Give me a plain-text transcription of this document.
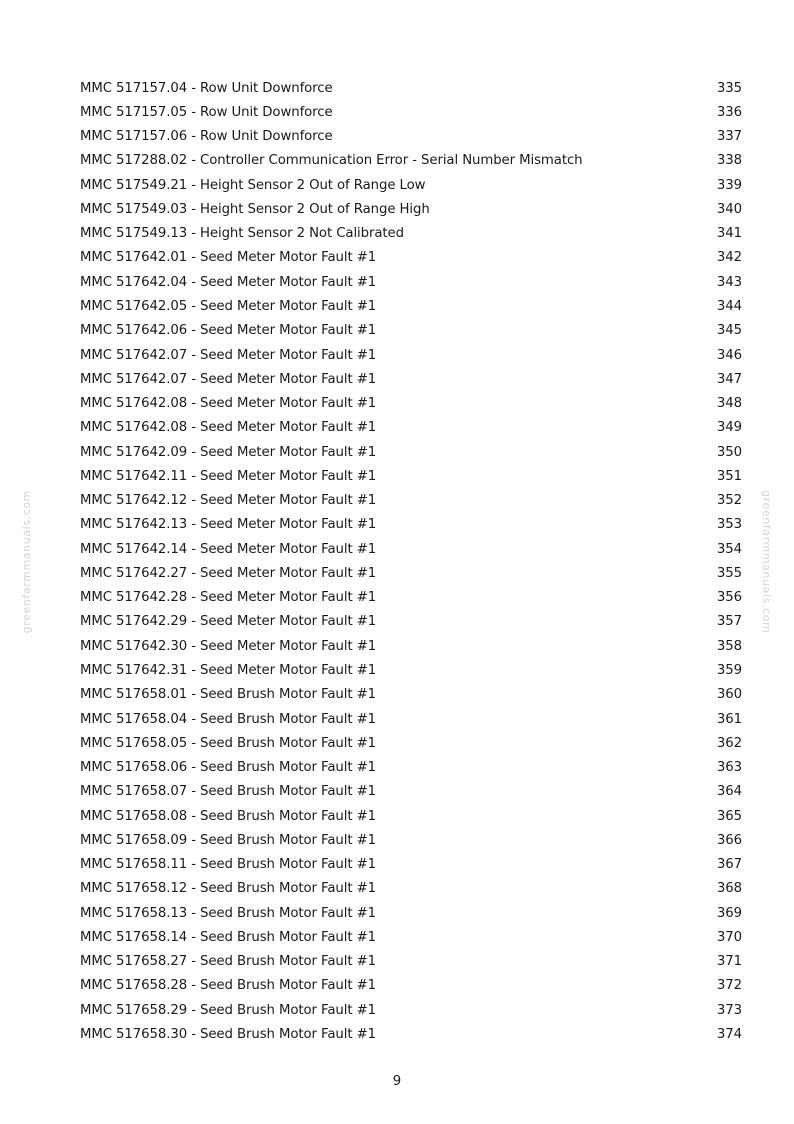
greenfarmmanuals.com	greenfarmmanuals.com
MMC 517157.04 - Row Unit Downforce	335
MMC 517157.05 - Row Unit Downforce	336
MMC 517157.06 - Row Unit Downforce	337
MMC 517288.02 - Controller Communication Error - Serial Number Mismatch	338
MMC 517549.21 - Height Sensor 2 Out of Range Low	339
MMC 517549.03 - Height Sensor 2 Out of Range High	340
MMC 517549.13 - Height Sensor 2 Not Calibrated	341
MMC 517642.01 - Seed Meter Motor Fault #1	342
MMC 517642.04 - Seed Meter Motor Fault #1	343
MMC 517642.05 - Seed Meter Motor Fault #1	344
MMC 517642.06 - Seed Meter Motor Fault #1	345
MMC 517642.07 - Seed Meter Motor Fault #1	346
MMC 517642.07 - Seed Meter Motor Fault #1	347
MMC 517642.08 - Seed Meter Motor Fault #1	348
MMC 517642.08 - Seed Meter Motor Fault #1	349
MMC 517642.09 - Seed Meter Motor Fault #1	350
MMC 517642.11 - Seed Meter Motor Fault #1	351
MMC 517642.12 - Seed Meter Motor Fault #1	352
MMC 517642.13 - Seed Meter Motor Fault #1	353
MMC 517642.14 - Seed Meter Motor Fault #1	354
MMC 517642.27 - Seed Meter Motor Fault #1	355
MMC 517642.28 - Seed Meter Motor Fault #1	356
MMC 517642.29 - Seed Meter Motor Fault #1	357
MMC 517642.30 - Seed Meter Motor Fault #1	358
MMC 517642.31 - Seed Meter Motor Fault #1	359
MMC 517658.01 - Seed Brush Motor Fault #1	360
MMC 517658.04 - Seed Brush Motor Fault #1	361
MMC 517658.05 - Seed Brush Motor Fault #1	362
MMC 517658.06 - Seed Brush Motor Fault #1	363
MMC 517658.07 - Seed Brush Motor Fault #1	364
MMC 517658.08 - Seed Brush Motor Fault #1	365
MMC 517658.09 - Seed Brush Motor Fault #1	366
MMC 517658.11 - Seed Brush Motor Fault #1	367
MMC 517658.12 - Seed Brush Motor Fault #1	368
MMC 517658.13 - Seed Brush Motor Fault #1	369
MMC 517658.14 - Seed Brush Motor Fault #1	370
MMC 517658.27 - Seed Brush Motor Fault #1	371
MMC 517658.28 - Seed Brush Motor Fault #1	372
MMC 517658.29 - Seed Brush Motor Fault #1	373
MMC 517658.30 - Seed Brush Motor Fault #1	374
9
